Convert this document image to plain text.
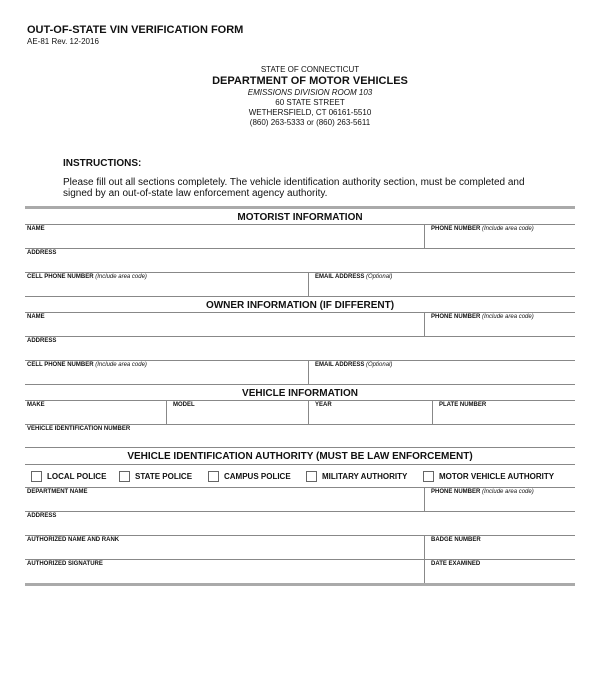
OUT-OF-STATE VIN VERIFICATION FORM
AE-81 Rev. 12-2016
STATE OF CONNECTICUT
DEPARTMENT OF MOTOR VEHICLES
EMISSIONS DIVISION ROOM 103
60 STATE STREET
WETHERSFIELD, CT 06161-5510
(860) 263-5333 or (860) 263-5611
INSTRUCTIONS:
Please fill out all sections completely. The vehicle identification authority section, must be completed and signed by an out-of-state law enforcement agency authority.
MOTORIST INFORMATION
NAME	PHONE NUMBER (Include area code)
ADDRESS
CELL PHONE NUMBER (Include area code)	EMAIL ADDRESS (Optional)
OWNER INFORMATION (IF DIFFERENT)
NAME	PHONE NUMBER (Include area code)
ADDRESS
CELL PHONE NUMBER (Include area code)	EMAIL ADDRESS (Optional)
VEHICLE INFORMATION
MAKE	MODEL	YEAR	PLATE NUMBER
VEHICLE IDENTIFICATION NUMBER
VEHICLE IDENTIFICATION AUTHORITY (MUST BE LAW ENFORCEMENT)
LOCAL POLICE	STATE POLICE	CAMPUS POLICE	MILITARY AUTHORITY	MOTOR VEHICLE AUTHORITY
DEPARTMENT NAME	PHONE NUMBER (Include area code)
ADDRESS
AUTHORIZED NAME AND RANK	BADGE NUMBER
AUTHORIZED SIGNATURE	DATE EXAMINED
